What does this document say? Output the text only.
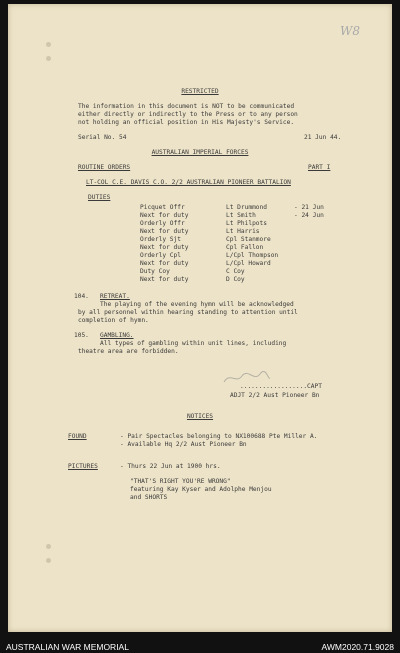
W8
RESTRICTED
The information in this document is NOT to be communicated
either directly or indirectly to the Press or to any person
not holding an official position in His Majesty's Service.
Serial No. 54	21 Jun 44.
AUSTRALIAN IMPERIAL FORCES
ROUTINE ORDERS	PART I
LT-COL C.E. DAVIS C.O. 2/2 AUSTRALIAN PIONEER BATTALION
DUTIES
Picquet Offr	Lt Drummond	- 21 Jun
Next for duty	Lt Smith	- 24 Jun
Orderly Offr	Lt Philpots
Next for duty	Lt Harris
Orderly Sjt	Cpl Stanmore
Next for duty	Cpl Fallon
Orderly Cpl	L/Cpl Thompson
Next for duty	L/Cpl Howard
Duty Coy	C Coy
Next for duty	D Coy
104. RETREAT.
The playing of the evening hymn will be acknowledged
by all personnel within hearing standing to attention until
completion of hymn.
105. GAMBLING.
All types of gambling within unit lines, including
theatre area are forbidden.
..................CAPT
ADJT 2/2 Aust Pioneer Bn
NOTICES
FOUND	- Pair Spectacles belonging to NX100688 Pte Miller A.
- Available Hq 2/2 Aust Pioneer Bn
PICTURES	- Thurs 22 Jun at 1900 hrs.
"THAT'S RIGHT YOU'RE WRONG"
featuring Kay Kyser and Adolphe Menjou
and SHORTS
AUSTRALIAN WAR MEMORIAL	AWM2020.71.9028
